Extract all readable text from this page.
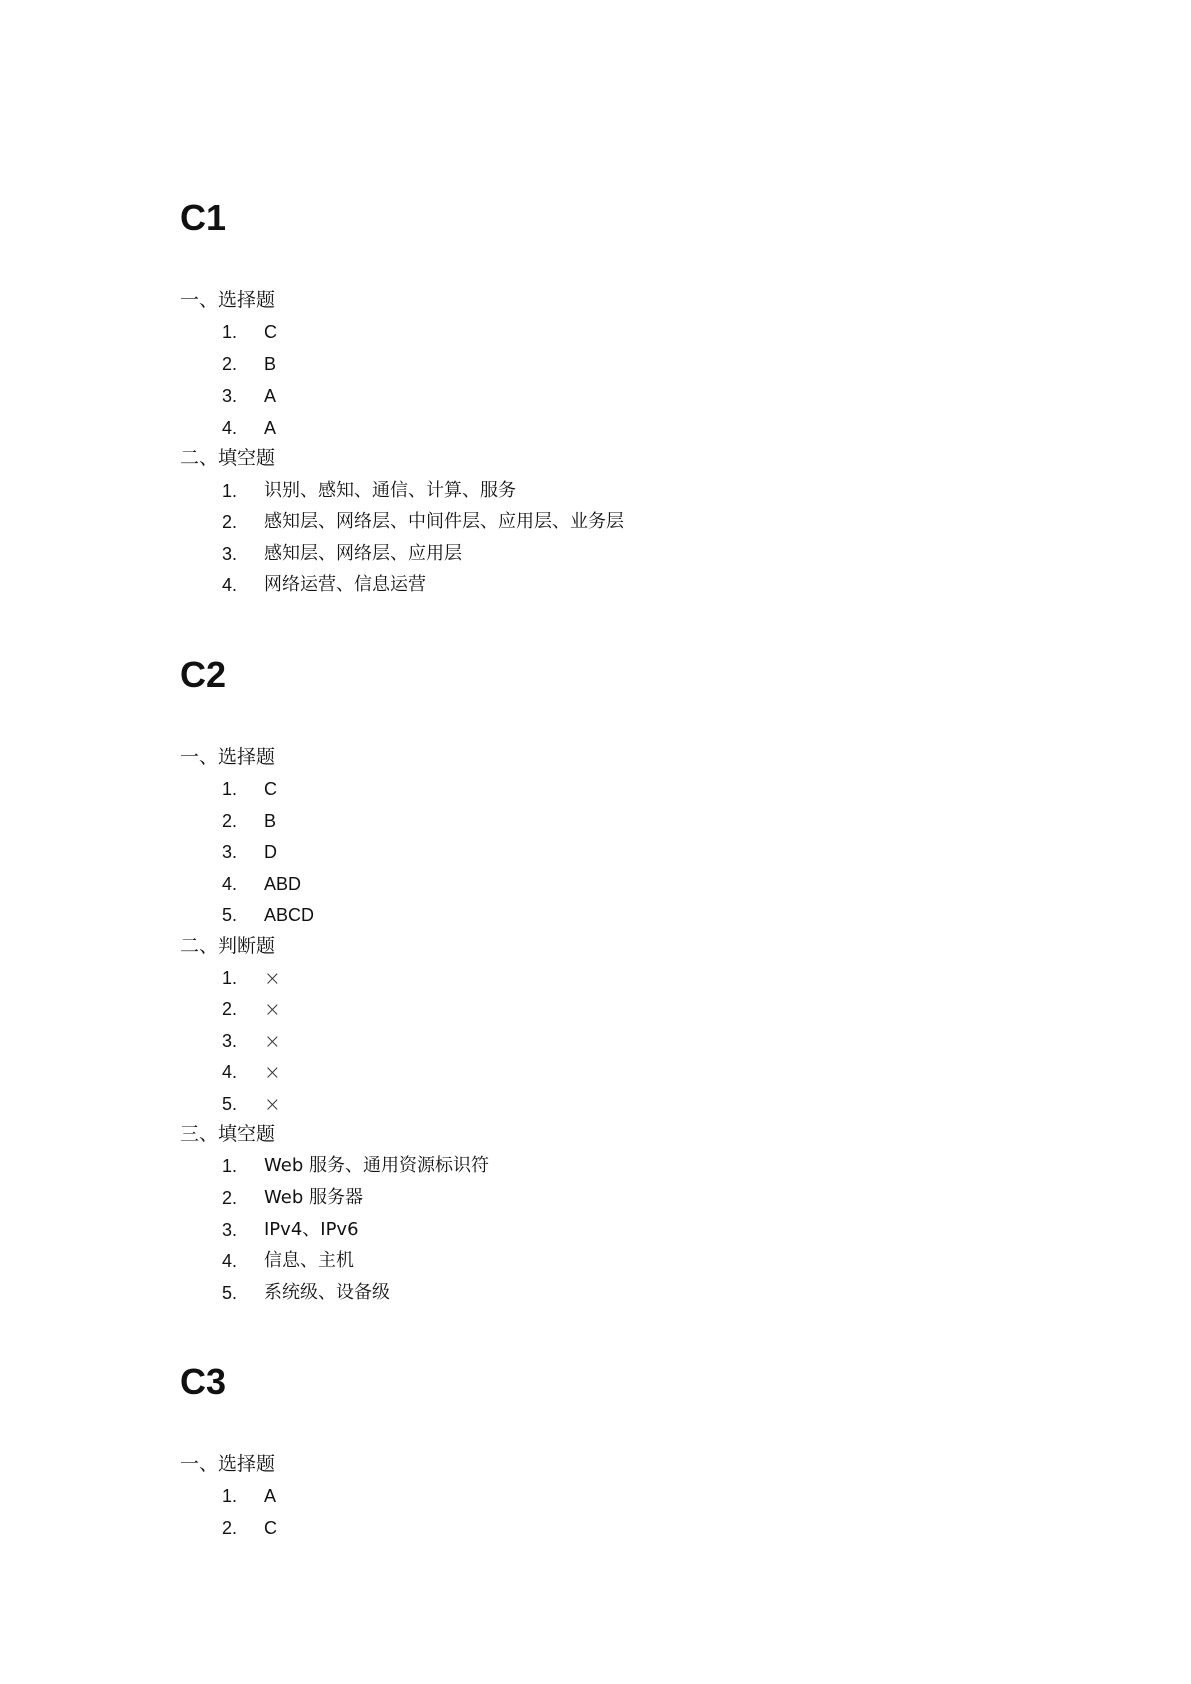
C1
一、选择题
1.	C
2.	B
3.	A
4.	A
二、填空题
1.	识别、感知、通信、计算、服务
2.	感知层、网络层、中间件层、应用层、业务层
3.	感知层、网络层、应用层
4.	网络运营、信息运营
C2
一、选择题
1.	C
2.	B
3.	D
4.	ABD
5.	ABCD
二、判断题
1.	×
2.	×
3.	×
4.	×
5.	×
三、填空题
1.	Web 服务、通用资源标识符
2.	Web 服务器
3.	IPv4、IPv6
4.	信息、主机
5.	系统级、设备级
C3
一、选择题
1.	A
2.	C
